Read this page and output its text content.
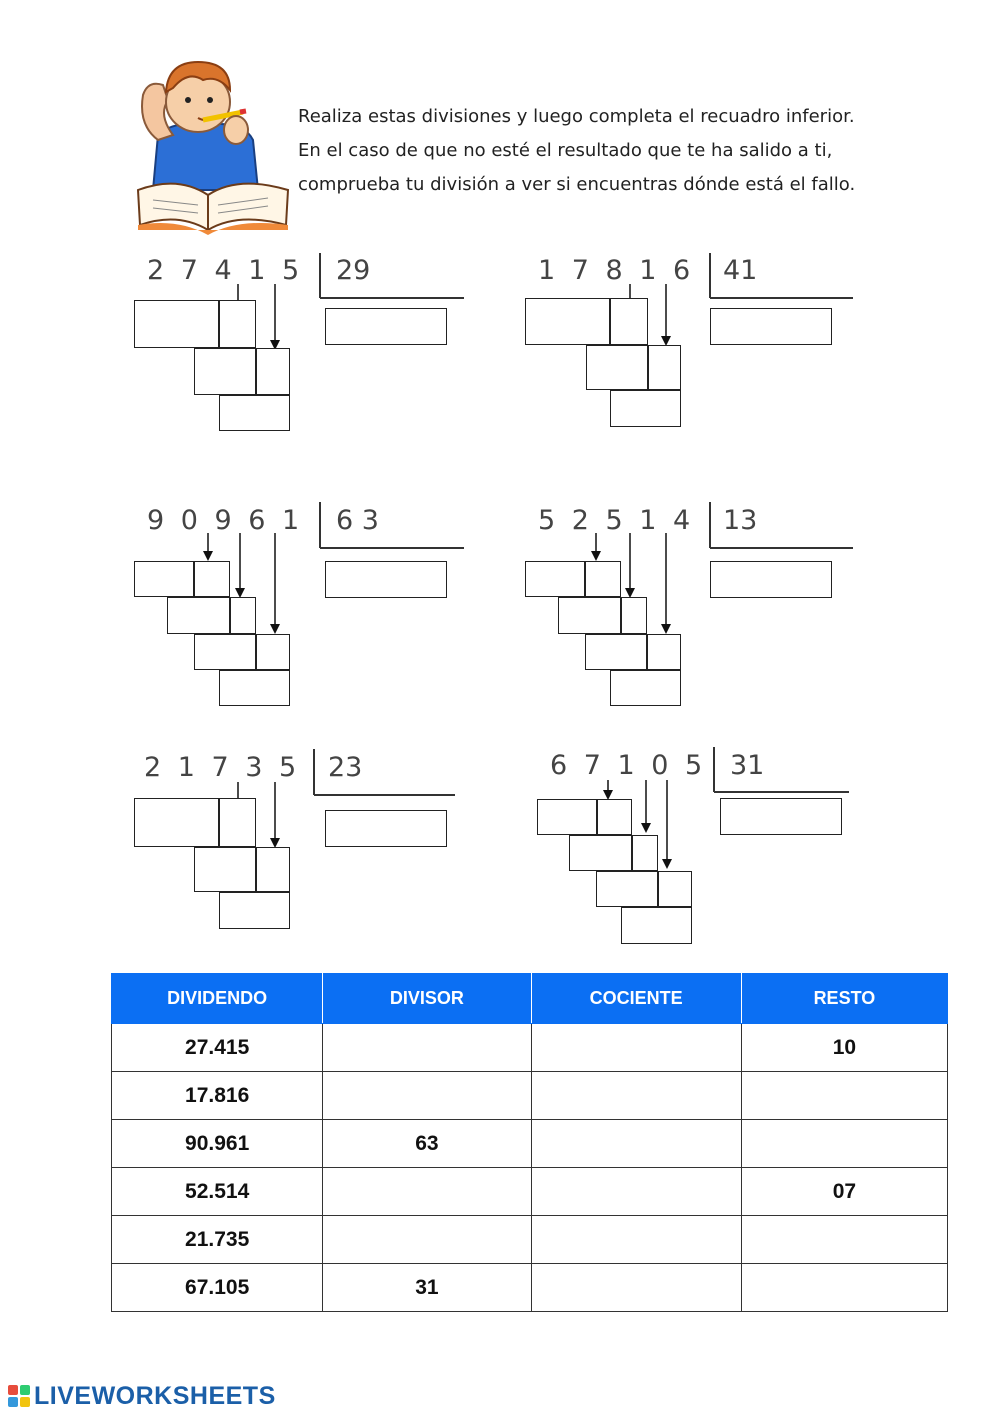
Realiza estas divisiones y luego completa el recuadro inferior.

En el caso de que no esté el resultado que te ha salido a ti,

comprueba tu división a ver si encuentras dónde está el fallo.

2 7 4 1 5 29	1 7 8 1 6 41
9 0 9 6 1 6 3	5 2 5 1 4 13
2 1 7 3 5 23	6 7 1 0 5 31
DIVIDENDO	DIVISOR	COCIENTE	RESTO
27.415			10
17.816			
90.961	63		
52.514			07
21.735			
67.105	31		
LIVEWORKSHEETS
